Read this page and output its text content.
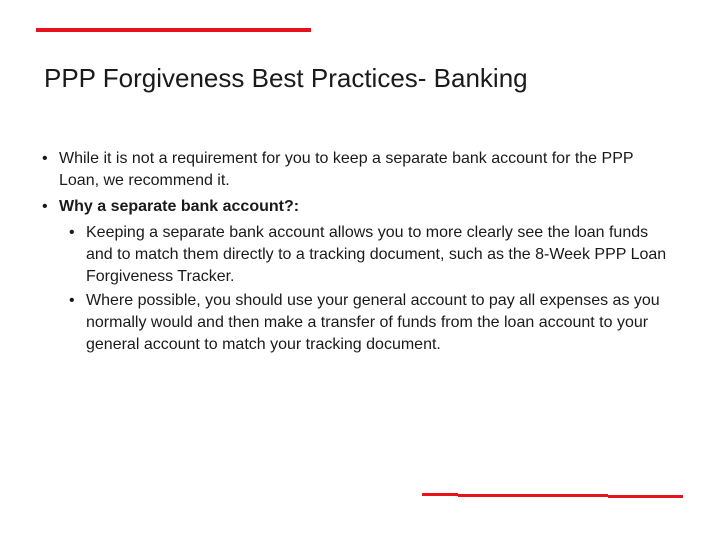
PPP Forgiveness Best Practices- Banking
• While it is not a requirement for you to keep a separate bank account for the PPP Loan, we recommend it.
• Why a separate bank account?:
• Keeping a separate bank account allows you to more clearly see the loan funds and to match them directly to a tracking document, such as the 8-Week PPP Loan Forgiveness Tracker.
• Where possible, you should use your general account to pay all expenses as you normally would and then make a transfer of funds from the loan account to your general account to match your tracking document.
